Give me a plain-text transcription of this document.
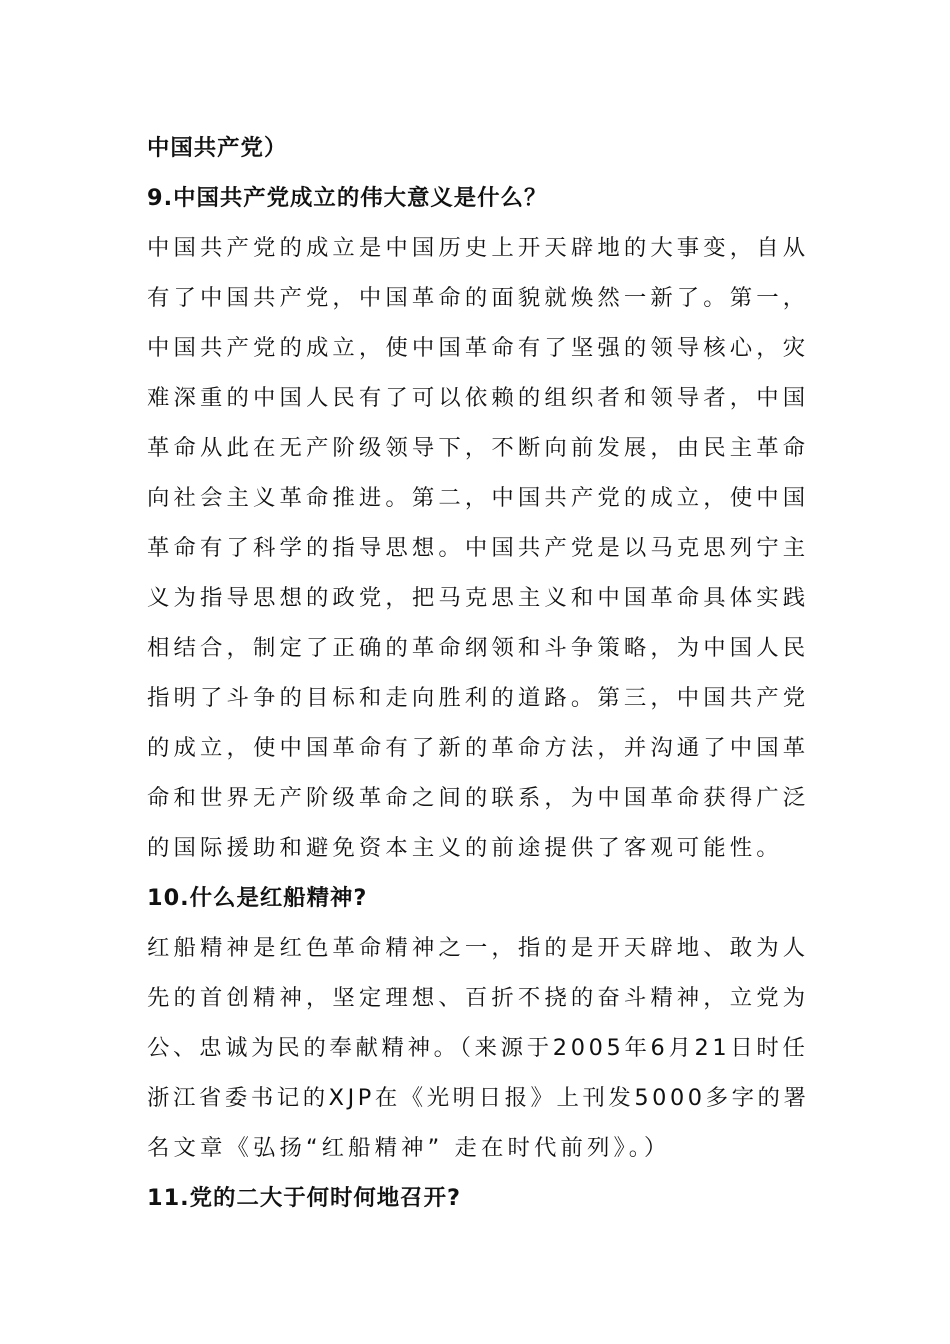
中国共产党）

9.中国共产党成立的伟大意义是什么？

中国共产党的成立是中国历史上开天辟地的大事变，自从

有了中国共产党，中国革命的面貌就焕然一新了。第一，

中国共产党的成立，使中国革命有了坚强的领导核心，灾

难深重的中国人民有了可以依赖的组织者和领导者，中国

革命从此在无产阶级领导下，不断向前发展，由民主革命

向社会主义革命推进。第二，中国共产党的成立，使中国

革命有了科学的指导思想。中国共产党是以马克思列宁主

义为指导思想的政党，把马克思主义和中国革命具体实践

相结合，制定了正确的革命纲领和斗争策略，为中国人民

指明了斗争的目标和走向胜利的道路。第三，中国共产党

的成立，使中国革命有了新的革命方法，并沟通了中国革

命和世界无产阶级革命之间的联系，为中国革命获得广泛

的国际援助和避免资本主义的前途提供了客观可能性。

10.什么是红船精神?

红船精神是红色革命精神之一，指的是开天辟地、敢为人

先的首创精神，坚定理想、百折不挠的奋斗精神，立党为

公、忠诚为民的奉献精神。（来源于2005年6月21日时任

浙江省委书记的XJP在《光明日报》上刊发5000多字的署

名文章《弘扬“红船精神” 走在时代前列》。）

11.党的二大于何时何地召开?
